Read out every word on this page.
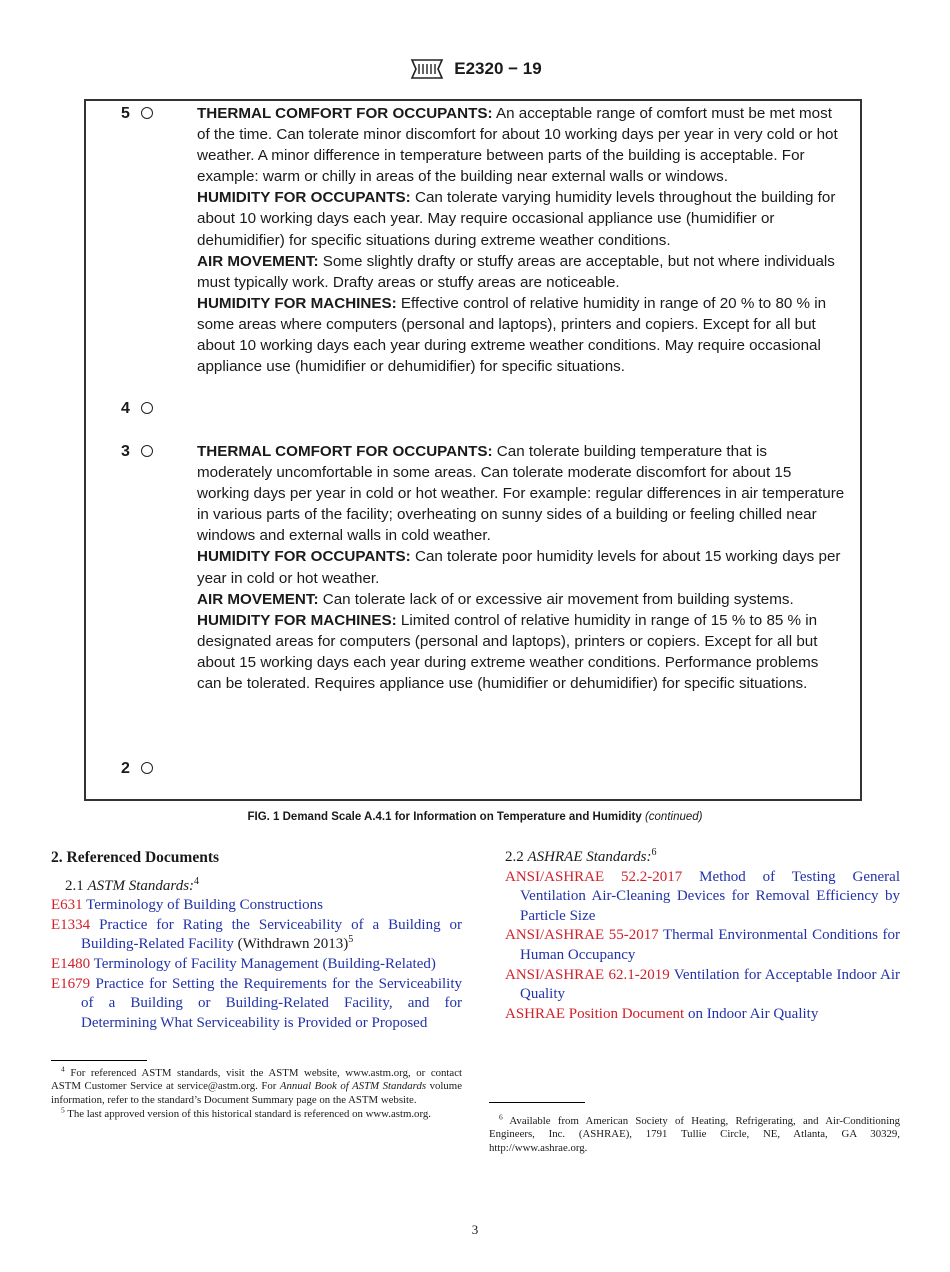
E2320 − 19
5	THERMAL COMFORT FOR OCCUPANTS: An acceptable range of comfort must be met most of the time. Can tolerate minor discomfort for about 10 working days per year in very cold or hot weather. A minor difference in temperature between parts of the building is acceptable. For example: warm or chilly in areas of the building near external walls or windows.

HUMIDITY FOR OCCUPANTS: Can tolerate varying humidity levels throughout the building for about 10 working days each year. May require occasional appliance use (humidifier or dehumidifier) for specific situations during extreme weather conditions.

AIR MOVEMENT: Some slightly drafty or stuffy areas are acceptable, but not where individuals must typically work. Drafty areas or stuffy areas are noticeable.

HUMIDITY FOR MACHINES: Effective control of relative humidity in range of 20 % to 80 % in some areas where computers (personal and laptops), printers and copiers. Except for all but about 10 working days each year during extreme weather conditions. May require occasional appliance use (humidifier or dehumidifier) for specific situations.

4
3	THERMAL COMFORT FOR OCCUPANTS: Can tolerate building temperature that is moderately uncomfortable in some areas. Can tolerate moderate discomfort for about 15 working days per year in cold or hot weather. For example: regular differences in air temperature in various parts of the facility; overheating on sunny sides of a building or feeling chilled near windows and external walls in cold weather.

HUMIDITY FOR OCCUPANTS: Can tolerate poor humidity levels for about 15 working days per year in cold or hot weather.

AIR MOVEMENT: Can tolerate lack of or excessive air movement from building systems.

HUMIDITY FOR MACHINES: Limited control of relative humidity in range of 15 % to 85 % in designated areas for computers (personal and laptops), printers or copiers. Except for all but about 15 working days each year during extreme weather conditions. Performance problems can be tolerated. Requires appliance use (humidifier or dehumidifier) for specific situations.

2
FIG. 1 Demand Scale A.4.1 for Information on Temperature and Humidity (continued)

2. Referenced Documents

2.1 ASTM Standards:$^4$

E631 Terminology of Building Constructions

E1334 Practice for Rating the Serviceability of a Building or Building-Related Facility (Withdrawn 2013)$^5$

E1480 Terminology of Facility Management (Building-Related)

E1679 Practice for Setting the Requirements for the Serviceability of a Building or Building-Related Facility, and for Determining What Serviceability is Provided or Proposed

2.2 ASHRAE Standards:$^6$

ANSI/ASHRAE 52.2-2017 Method of Testing General Ventilation Air-Cleaning Devices for Removal Efficiency by Particle Size

ANSI/ASHRAE 55-2017 Thermal Environmental Conditions for Human Occupancy

ANSI/ASHRAE 62.1-2019 Ventilation for Acceptable Indoor Air Quality

ASHRAE Position Document on Indoor Air Quality

$^4$ For referenced ASTM standards, visit the ASTM website, www.astm.org, or contact ASTM Customer Service at service@astm.org. For Annual Book of ASTM Standards volume information, refer to the standard’s Document Summary page on the ASTM website.

$^5$ The last approved version of this historical standard is referenced on www.astm.org.	$^6$ Available from American Society of Heating, Refrigerating, and Air-Conditioning Engineers, Inc. (ASHRAE), 1791 Tullie Circle, NE, Atlanta, GA 30329, http://www.ashrae.org.

3
